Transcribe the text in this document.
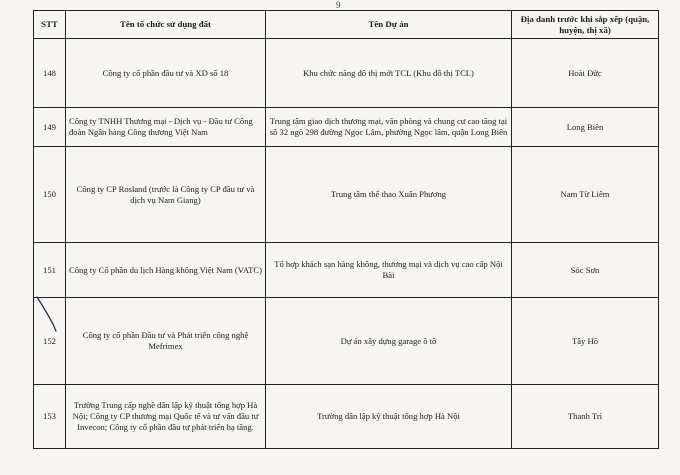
9
STT	Tên tổ chức sử dụng đất	Tên Dự án	Địa danh trước khi sắp xếp (quận, huyện, thị xã)
148	Công ty cổ phần đầu tư và XD số 18	Khu chức năng đô thị mới TCL (Khu đô thị TCL)	Hoài Đức
149	Công ty TNHH Thương mại - Dịch vụ - Đầu tư Công đoàn Ngân hàng Công thương Việt Nam	Trung tâm giao dịch thương mại, văn phòng và chung cư cao tầng tại số 32 ngõ 298 đường Ngọc Lâm, phường Ngọc lâm, quận Long Biên	Long Biên
150	Công ty CP Rosland (trước là Công ty CP đầu tư và dịch vụ Nam Giang)	Trung tâm thể thao Xuân Phương	Nam Từ Liêm
151	Công ty Cổ phần du lịch Hàng không Việt Nam (VATC)	Tổ hợp khách sạn hàng không, thương mại và dịch vụ cao cấp Nội Bài	Sóc Sơn
152	Công ty cổ phần Đầu tư và Phát triển công nghệ Mefrimex	Dự án xây dựng garage ô tô	Tây Hồ
153	Trường Trung cấp nghề dân lập kỹ thuật tổng hợp Hà Nội; Công ty CP thương mại Quốc tế và tư vấn đầu tư Invecon; Công ty cổ phần đầu tư phát triển hạ tầng.	Trường dân lập kỹ thuật tổng hợp Hà Nội	Thanh Trì
